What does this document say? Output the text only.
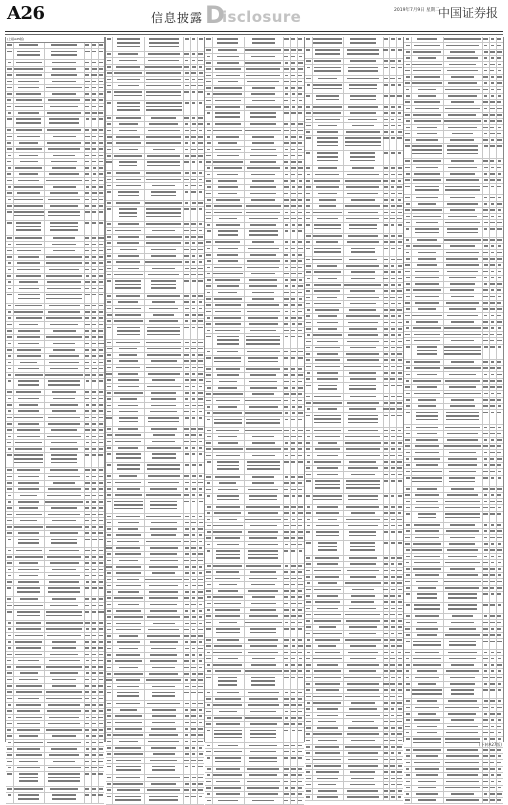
A26	信息披露 D
isclosure	2019年7月9日 星期二
中国证券报
(上接A25版)
(下转A27版)
